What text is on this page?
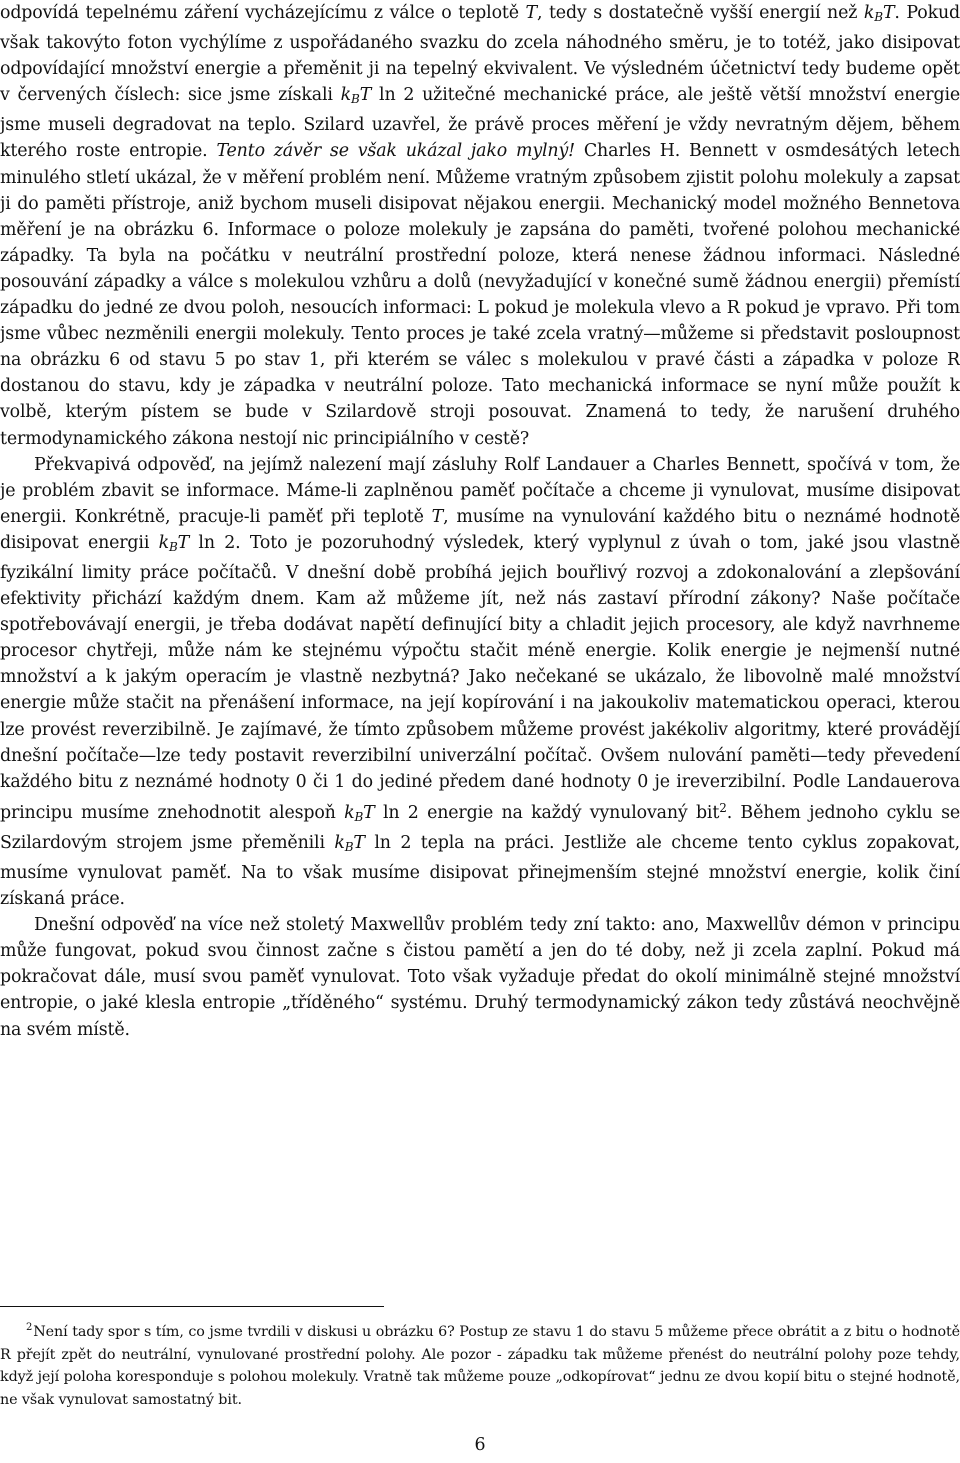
odpovídá tepelnému záření vycházejícímu z válce o teplotě T, tedy s dostatečně vyšší energií než $k_BT$. Pokud však takovýto foton vychýlíme z uspořádaného svazku do zcela náhodného směru, je to totéž, jako disipovat odpovídající množství energie a přeměnit ji na tepelný ekvivalent. Ve výsledném účetnictví tedy budeme opět v červených číslech: sice jsme získali $k_BT$ ln 2 užitečné mechanické práce, ale ještě větší množství energie jsme museli degradovat na teplo. Szilard uzavřel, že právě proces měření je vždy nevratným dějem, během kterého roste entropie. Tento závěr se však ukázal jako mylný! Charles H. Bennett v osmdesátých letech minulého stletí ukázal, že v měření problém není. Můžeme vratným způsobem zjistit polohu molekuly a zapsat ji do paměti přístroje, aniž bychom museli disipovat nějakou energii. Mechanický model možného Bennetova měření je na obrázku 6. Informace o poloze molekuly je zapsána do paměti, tvořené polohou mechanické západky. Ta byla na počátku v neutrální prostřední poloze, která nenese žádnou informaci. Následné posouvání západky a válce s molekulou vzhůru a dolů (nevyžadující v konečné sumě žádnou energii) přemístí západku do jedné ze dvou poloh, nesoucích informaci: L pokud je molekula vlevo a R pokud je vpravo. Při tom jsme vůbec nezměnili energii molekuly. Tento proces je také zcela vratný—můžeme si představit posloupnost na obrázku 6 od stavu 5 po stav 1, při kterém se válec s molekulou v pravé části a západka v poloze R dostanou do stavu, kdy je západka v neutrální poloze. Tato mechanická informace se nyní může použít k volbě, kterým pístem se bude v Szilardově stroji posouvat. Znamená to tedy, že narušení druhého termodynamického zákona nestojí nic principiálního v cestě?

Překvapivá odpověď, na jejímž nalezení mají zásluhy Rolf Landauer a Charles Bennett, spočívá v tom, že je problém zbavit se informace. Máme-li zaplněnou paměť počítače a chceme ji vynulovat, musíme disipovat energii. Konkrétně, pracuje-li paměť při teplotě T, musíme na vynulování každého bitu o neznámé hodnotě disipovat energii $k_BT$ ln 2. Toto je pozoruhodný výsledek, který vyplynul z úvah o tom, jaké jsou vlastně fyzikální limity práce počítačů. V dnešní době probíhá jejich bouřlivý rozvoj a zdokonalování a zlepšování efektivity přichází každým dnem. Kam až můžeme jít, než nás zastaví přírodní zákony? Naše počítače spotřebovávají energii, je třeba dodávat napětí definující bity a chladit jejich procesory, ale když navrhneme procesor chytřeji, může nám ke stejnému výpočtu stačit méně energie. Kolik energie je nejmenší nutné množství a k jakým operacím je vlastně nezbytná? Jako nečekané se ukázalo, že libovolně malé množství energie může stačit na přenášení informace, na její kopírování i na jakoukoliv matematickou operaci, kterou lze provést reverzibilně. Je zajímavé, že tímto způsobem můžeme provést jakékoliv algoritmy, které provádějí dnešní počítače—lze tedy postavit reverzibilní univerzální počítač. Ovšem nulování paměti—tedy převedení každého bitu z neznámé hodnoty 0 či 1 do jediné předem dané hodnoty 0 je ireverzibilní. Podle Landauerova principu musíme znehodnotit alespoň $k_BT$ ln 2 energie na každý vynulovaný bit$^2$. Během jednoho cyklu se Szilardovým strojem jsme přeměnili $k_BT$ ln 2 tepla na práci. Jestliže ale chceme tento cyklus zopakovat, musíme vynulovat paměť. Na to však musíme disipovat přinejmenším stejné množství energie, kolik činí získaná práce.

Dnešní odpověď na více než stoletý Maxwellův problém tedy zní takto: ano, Maxwellův démon v principu může fungovat, pokud svou činnost začne s čistou pamětí a jen do té doby, než ji zcela zaplní. Pokud má pokračovat dále, musí svou paměť vynulovat. Toto však vyžaduje předat do okolí minimálně stejné množství entropie, o jaké klesla entropie „tříděného“ systému. Druhý termodynamický zákon tedy zůstává neochvějně na svém místě.

$^2$Není tady spor s tím, co jsme tvrdili v diskusi u obrázku 6? Postup ze stavu 1 do stavu 5 můžeme přece obrátit a z bitu o hodnotě R přejít zpět do neutrální, vynulované prostřední polohy. Ale pozor - západku tak můžeme přenést do neutrální polohy poze tehdy, když její poloha koresponduje s polohou molekuly. Vratně tak můžeme pouze „odkopírovat“ jednu ze dvou kopií bitu o stejné hodnotě, ne však vynulovat samostatný bit.

6
